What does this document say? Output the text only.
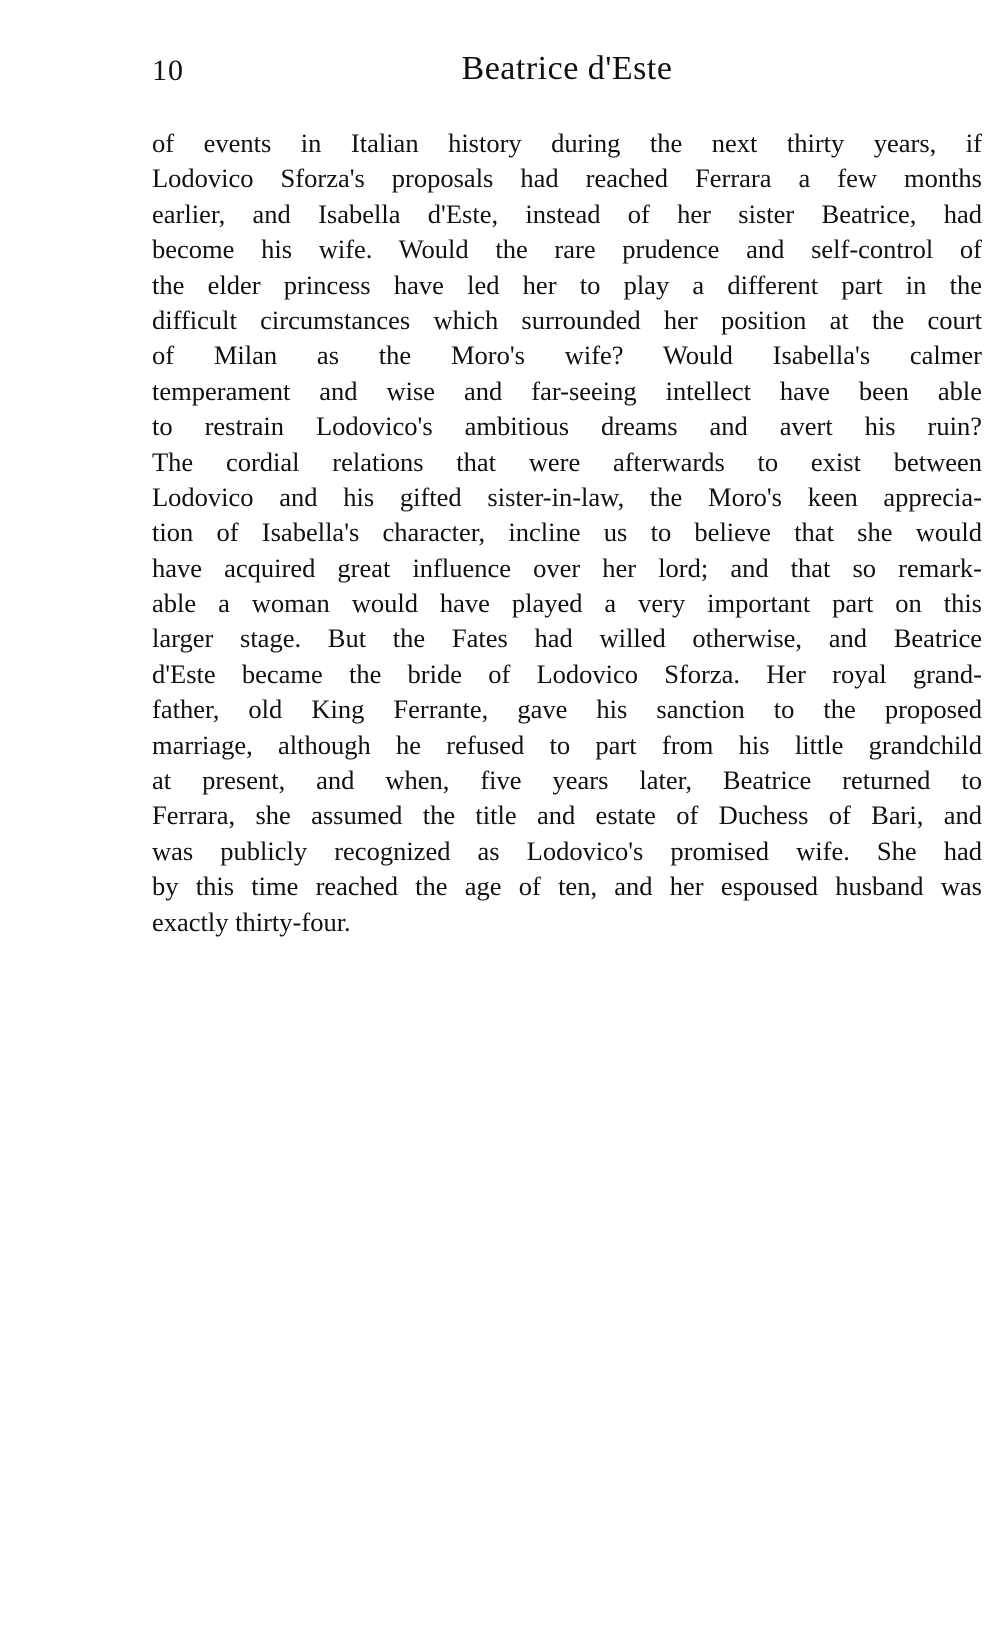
10	Beatrice d'Este
of events in Italian history during the next thirty years, if
Lodovico Sforza's proposals had reached Ferrara a few months
earlier, and Isabella d'Este, instead of her sister Beatrice, had
become his wife. Would the rare prudence and self-control of
the elder princess have led her to play a different part in the
difficult circumstances which surrounded her position at the court
of Milan as the Moro's wife? Would Isabella's calmer
temperament and wise and far-seeing intellect have been able
to restrain Lodovico's ambitious dreams and avert his ruin?
The cordial relations that were afterwards to exist between
Lodovico and his gifted sister-in-law, the Moro's keen apprecia-
tion of Isabella's character, incline us to believe that she would
have acquired great influence over her lord; and that so remark-
able a woman would have played a very important part on this
larger stage. But the Fates had willed otherwise, and Beatrice
d'Este became the bride of Lodovico Sforza. Her royal grand-
father, old King Ferrante, gave his sanction to the proposed
marriage, although he refused to part from his little grandchild
at present, and when, five years later, Beatrice returned to
Ferrara, she assumed the title and estate of Duchess of Bari, and
was publicly recognized as Lodovico's promised wife. She had
by this time reached the age of ten, and her espoused husband was
exactly thirty-four.
